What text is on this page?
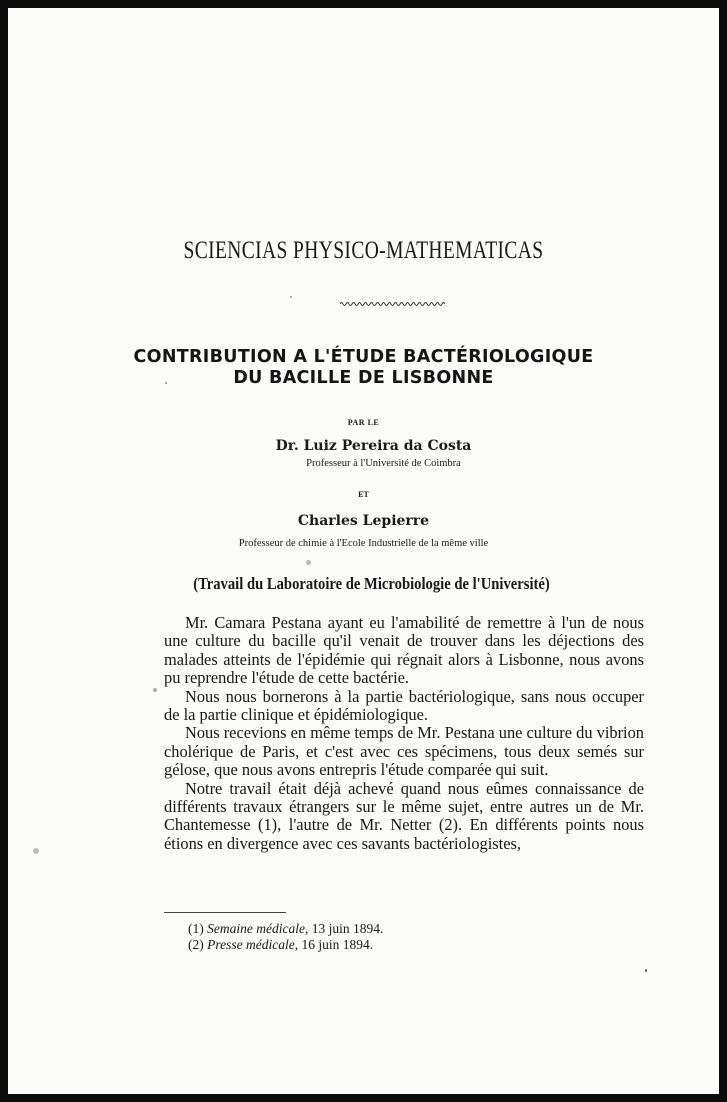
SCIENCIAS PHYSICO-MATHEMATICAS
CONTRIBUTION A L'ÉTUDE BACTÉRIOLOGIQUE
DU BACILLE DE LISBONNE
PAR LE
Dr. Luiz Pereira da Costa
Professeur à l'Université de Coimbra
ET
Charles Lepierre
Professeur de chimie à l'Ecole Industrielle de la même ville
(Travail du Laboratoire de Microbiologie de l'Université)

Mr. Camara Pestana ayant eu l'amabilité de remettre à l'un de nous une culture du bacille qu'il venait de trouver dans les déjections des malades atteints de l'épidémie qui régnait alors à Lisbonne, nous avons pu reprendre l'étude de cette bactérie.

Nous nous bornerons à la partie bactériologique, sans nous occuper de la partie clinique et épidémiologique.

Nous recevions en même temps de Mr. Pestana une culture du vibrion cholérique de Paris, et c'est avec ces spécimens, tous deux semés sur gélose, que nous avons entrepris l'étude comparée qui suit.

Notre travail était déjà achevé quand nous eûmes connaissance de différents travaux étrangers sur le même sujet, entre autres un de Mr. Chantemesse (1), l'autre de Mr. Netter (2). En différents points nous étions en divergence avec ces savants bactériologistes,

(1) Semaine médicale, 13 juin 1894.
(2) Presse médicale, 16 juin 1894.
